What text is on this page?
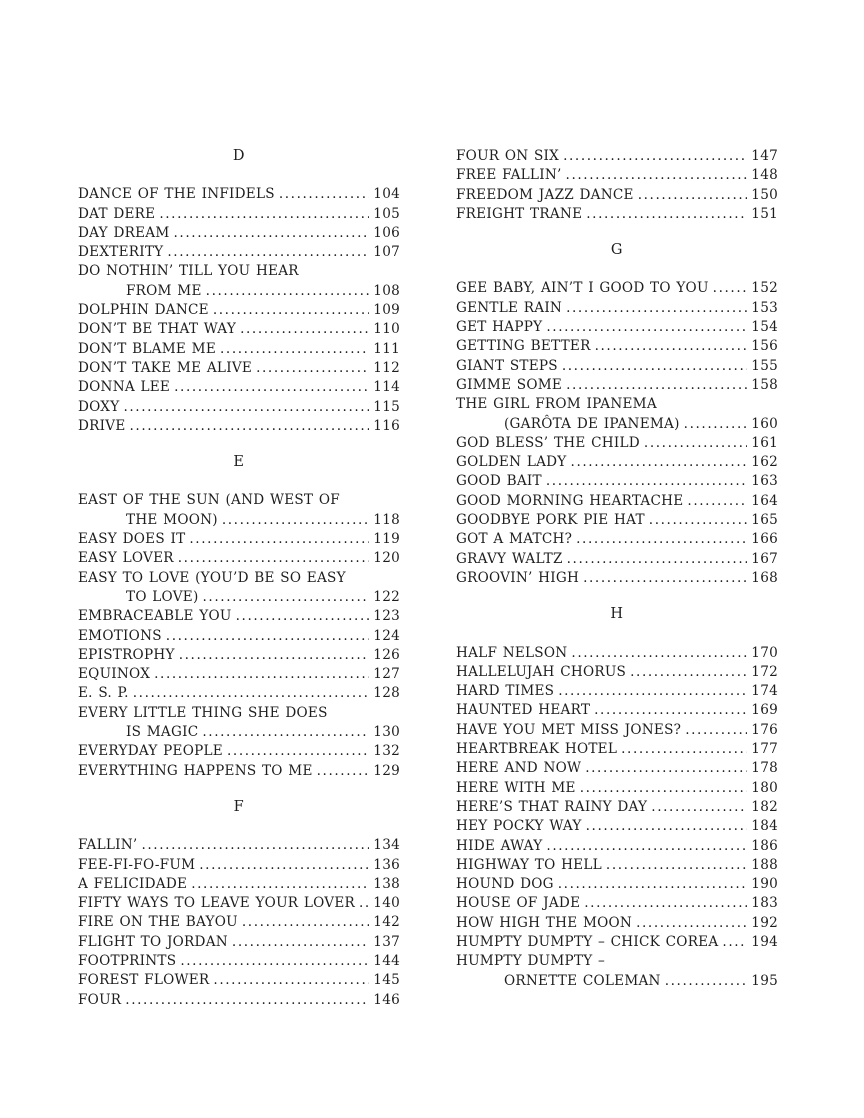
D
DANCE OF THE INFIDELS .....	104
DAT DERE .....	105
DAY DREAM .....	106
DEXTERITY .....	107
DO NOTHIN’ TILL YOU HEAR
FROM ME .....	108
DOLPHIN DANCE .....	109
DON’T BE THAT WAY .....	110
DON’T BLAME ME .....	111
DON’T TAKE ME ALIVE .....	112
DONNA LEE .....	114
DOXY .....	115
DRIVE .....	116
E
EAST OF THE SUN (AND WEST OF
THE MOON) .....	118
EASY DOES IT .....	119
EASY LOVER .....	120
EASY TO LOVE (YOU’D BE SO EASY
TO LOVE) .....	122
EMBRACEABLE YOU .....	123
EMOTIONS .....	124
EPISTROPHY .....	126
EQUINOX .....	127
E. S. P. .....	128
EVERY LITTLE THING SHE DOES
IS MAGIC .....	130
EVERYDAY PEOPLE .....	132
EVERYTHING HAPPENS TO ME .....	129
F
FALLIN’ .....	134
FEE-FI-FO-FUM .....	136
A FELICIDADE .....	138
FIFTY WAYS TO LEAVE YOUR LOVER ..... 140
FIRE ON THE BAYOU .....	142
FLIGHT TO JORDAN .....	137
FOOTPRINTS .....	144
FOREST FLOWER .....	145
FOUR .....	146
FOUR ON SIX .....	147
FREE FALLIN’ .....	148
FREEDOM JAZZ DANCE .....	150
FREIGHT TRANE .....	151
G
GEE BABY, AIN’T I GOOD TO YOU .....	152
GENTLE RAIN .....	153
GET HAPPY .....	154
GETTING BETTER .....	156
GIANT STEPS .....	155
GIMME SOME .....	158
THE GIRL FROM IPANEMA
(GARÔTA DE IPANEMA) .....	160
GOD BLESS’ THE CHILD .....	161
GOLDEN LADY .....	162
GOOD BAIT .....	163
GOOD MORNING HEARTACHE .....	164
GOODBYE PORK PIE HAT .....	165
GOT A MATCH? .....	166
GRAVY WALTZ .....	167
GROOVIN’ HIGH .....	168
H
HALF NELSON .....	170
HALLELUJAH CHORUS .....	172
HARD TIMES .....	174
HAUNTED HEART .....	169
HAVE YOU MET MISS JONES? .....	176
HEARTBREAK HOTEL .....	177
HERE AND NOW .....	178
HERE WITH ME .....	180
HERE’S THAT RAINY DAY .....	182
HEY POCKY WAY .....	184
HIDE AWAY .....	186
HIGHWAY TO HELL .....	188
HOUND DOG .....	190
HOUSE OF JADE .....	183
HOW HIGH THE MOON .....	192
HUMPTY DUMPTY – CHICK COREA ..... 194
HUMPTY DUMPTY –
ORNETTE COLEMAN .....	195
